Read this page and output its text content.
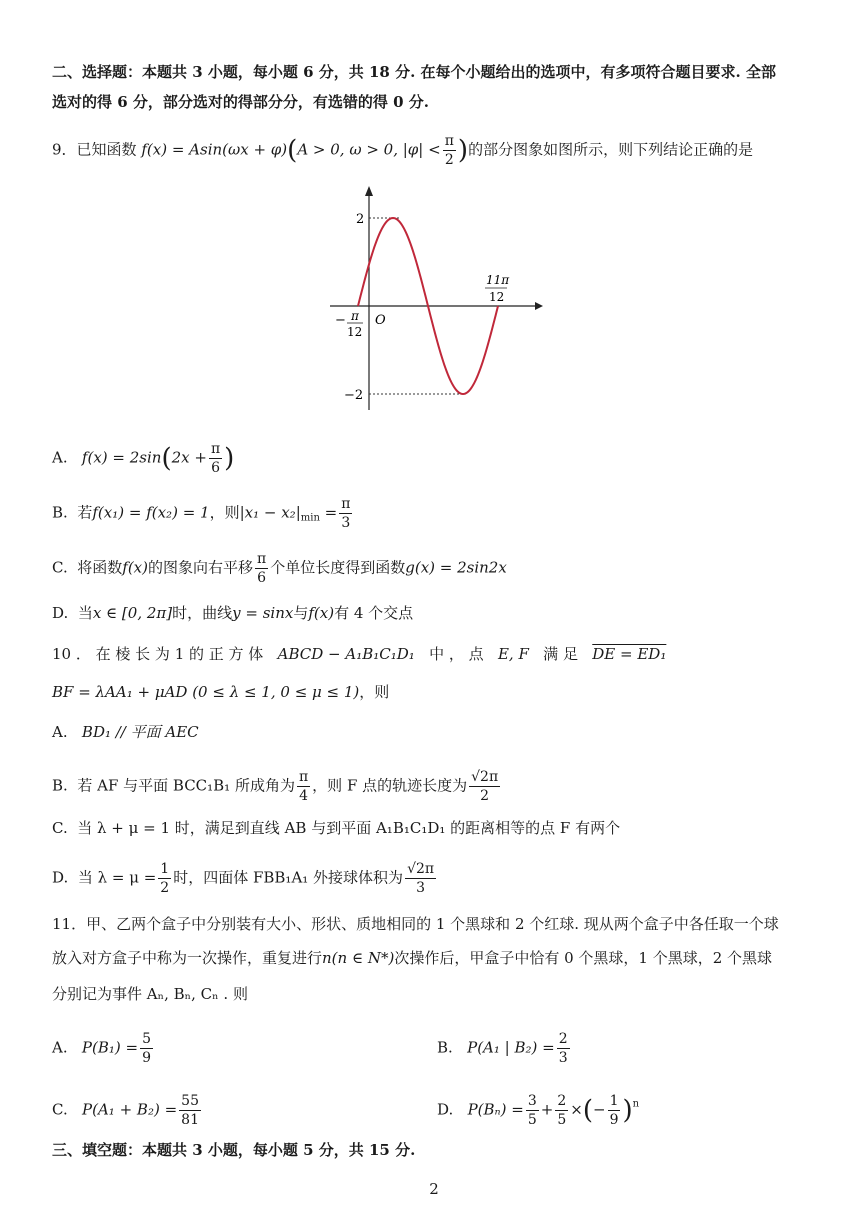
二、选择题：本题共 3 小题，每小题 6 分，共 18 分. 在每个小题给出的选项中，有多项符合题目要求. 全部
选对的得 6 分，部分选对的得部分分，有选错的得 0 分.
9．已知函数 f(x) = Asin(ωx + φ)(A > 0, ω > 0, $|\varphi| < \frac{\pi}{2}$ )的部分图象如图所示，则下列结论正确的是
2
−2
O
− π
12
11π
12
A. $f(x) = 2\sin(2x + \frac{\pi}{6}$ )
B. 若f(x₁) = f(x₂) = 1，则$|x_1 - x_2|_{min} = \frac{\pi}{3}$
C. 将函数f(x)的图象向右平移 $\frac{\pi}{6}$ 个单位长度得到函数g(x) = 2sin2x
D. 当x ∈ [0, 2π]时，曲线y = sinx与f(x)有 4 个交点
10 ． 在 棱 长 为 1 的 正 方 体 ABCD − A₁B₁C₁D₁ 中 ， 点 E, F 满 足 DE = ED₁
BF = λAA₁ + μAD (0 ≤ λ ≤ 1, 0 ≤ μ ≤ 1)，则
A. BD₁ // 平面 AEC
B. 若 AF 与平面 BCC₁B₁ 所成角为 $\frac{\pi}{4}$ ，则 F 点的轨迹长度为 $\frac{√2\pi}{2}$
C. 当 λ + μ = 1 时，满足到直线 AB 与到平面 A₁B₁C₁D₁ 的距离相等的点 F 有两个
D. 当 $\lambda = \mu = \frac{1}{2}$ 时，四面体 FBB₁A₁ 外接球体积为 $\frac{√2\pi}{3}$
11．甲、乙两个盒子中分别装有大小、形状、质地相同的 1 个黑球和 2 个红球. 现从两个盒子中各任取一个球
放入对方盒子中称为一次操作，重复进行n(n ∈ N*)次操作后，甲盒子中恰有 0 个黑球，1 个黑球，2 个黑球
分别记为事件 Aₙ, Bₙ, Cₙ . 则
A. $P(B_1) = \frac{5}{9}$	B. P(A₁ | $B_2) = \frac{2}{3}$
C. $P(A_1 + B_2) = \frac{55}{81}$	D. $P(B_n) = \frac{3}{5} + \frac{2}{5}$ ×(− $\frac{1}{9} )^n$
三、填空题：本题共 3 小题，每小题 5 分，共 15 分.
2
